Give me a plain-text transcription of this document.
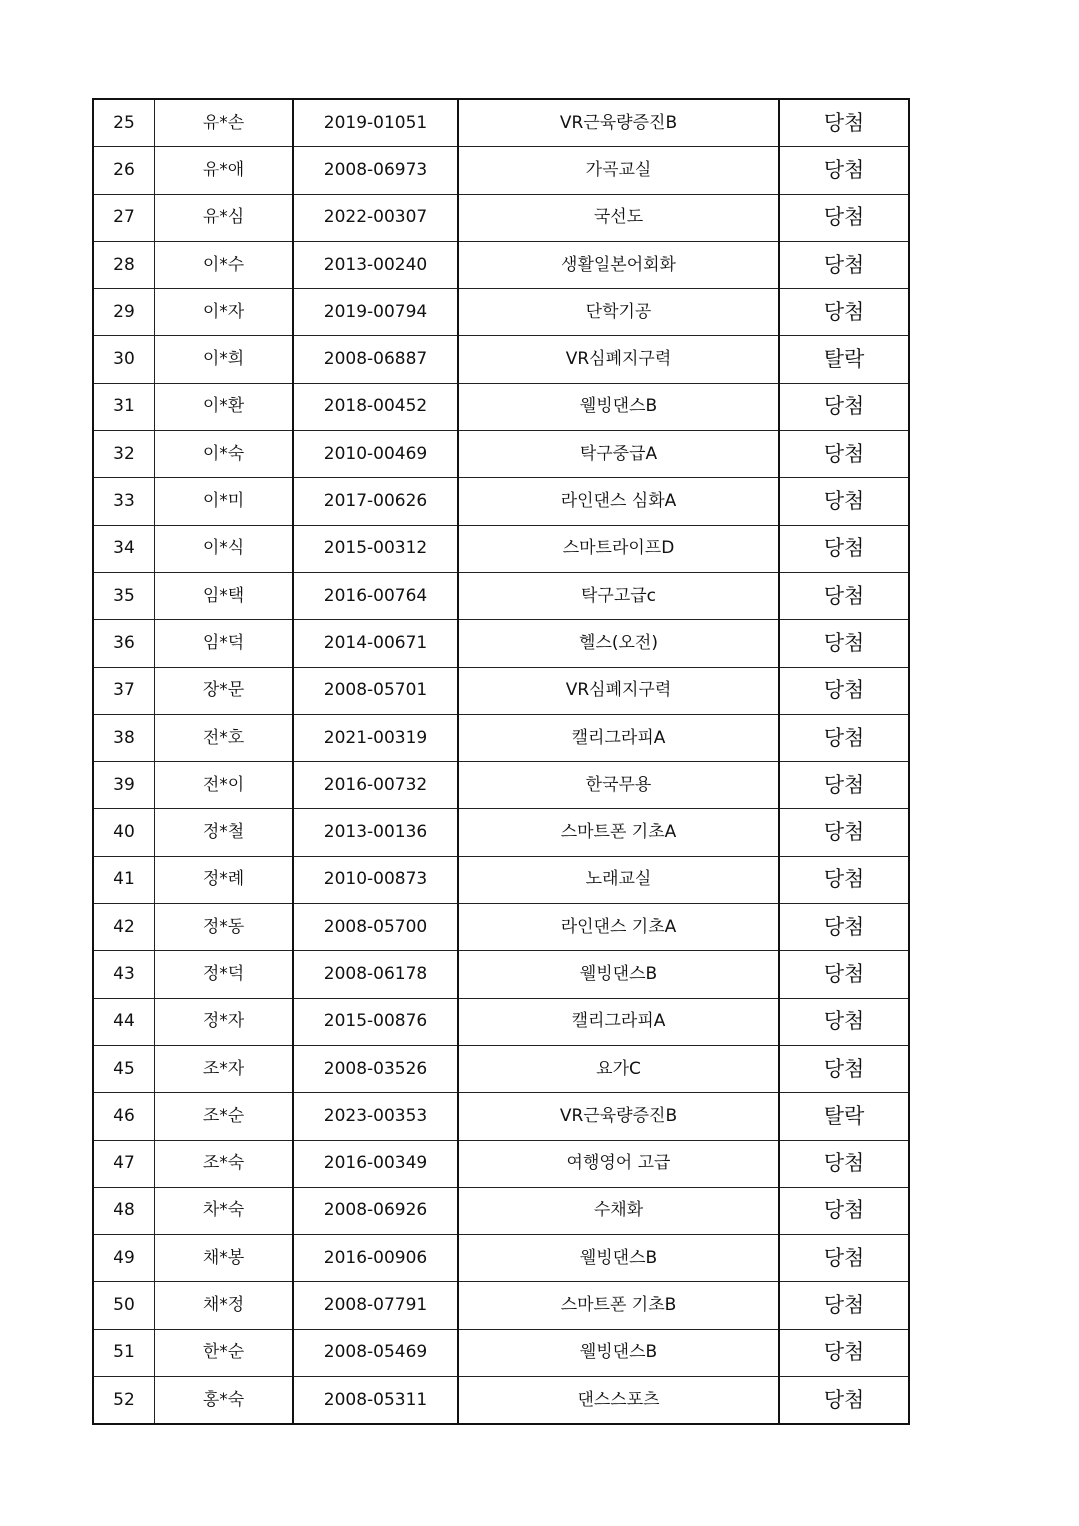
25	유*손	2019-01051	VR근육량증진B	당첨
26	유*애	2008-06973	가곡교실	당첨
27	유*심	2022-00307	국선도	당첨
28	이*수	2013-00240	생활일본어회화	당첨
29	이*자	2019-00794	단학기공	당첨
30	이*희	2008-06887	VR심폐지구력	탈락
31	이*환	2018-00452	웰빙댄스B	당첨
32	이*숙	2010-00469	탁구중급A	당첨
33	이*미	2017-00626	라인댄스 심화A	당첨
34	이*식	2015-00312	스마트라이프D	당첨
35	임*택	2016-00764	탁구고급c	당첨
36	임*덕	2014-00671	헬스(오전)	당첨
37	장*문	2008-05701	VR심폐지구력	당첨
38	전*호	2021-00319	캘리그라피A	당첨
39	전*이	2016-00732	한국무용	당첨
40	정*철	2013-00136	스마트폰 기초A	당첨
41	정*례	2010-00873	노래교실	당첨
42	정*동	2008-05700	라인댄스 기초A	당첨
43	정*덕	2008-06178	웰빙댄스B	당첨
44	정*자	2015-00876	캘리그라피A	당첨
45	조*자	2008-03526	요가C	당첨
46	조*순	2023-00353	VR근육량증진B	탈락
47	조*숙	2016-00349	여행영어 고급	당첨
48	차*숙	2008-06926	수채화	당첨
49	채*봉	2016-00906	웰빙댄스B	당첨
50	채*정	2008-07791	스마트폰 기초B	당첨
51	한*순	2008-05469	웰빙댄스B	당첨
52	홍*숙	2008-05311	댄스스포츠	당첨
